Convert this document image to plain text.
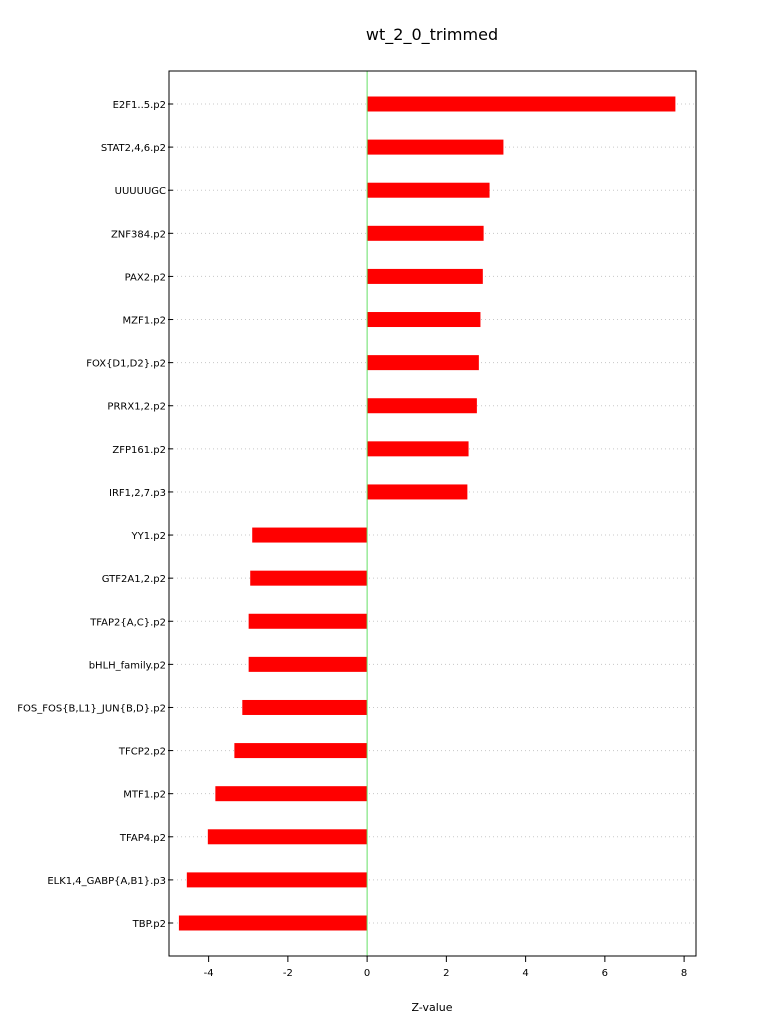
wt_2_0_trimmed
E2F1..5.p2
STAT2,4,6.p2
UUUUUGC
ZNF384.p2
PAX2.p2
MZF1.p2
FOX{D1,D2}.p2
PRRX1,2.p2
ZFP161.p2
IRF1,2,7.p3
YY1.p2
GTF2A1,2.p2
TFAP2{A,C}.p2
bHLH_family.p2
FOS_FOS{B,L1}_JUN{B,D}.p2
TFCP2.p2
MTF1.p2
TFAP4.p2
ELK1,4_GABP{A,B1}.p3
TBP.p2
-4	-2	0	2	4	6	8
Z-value
